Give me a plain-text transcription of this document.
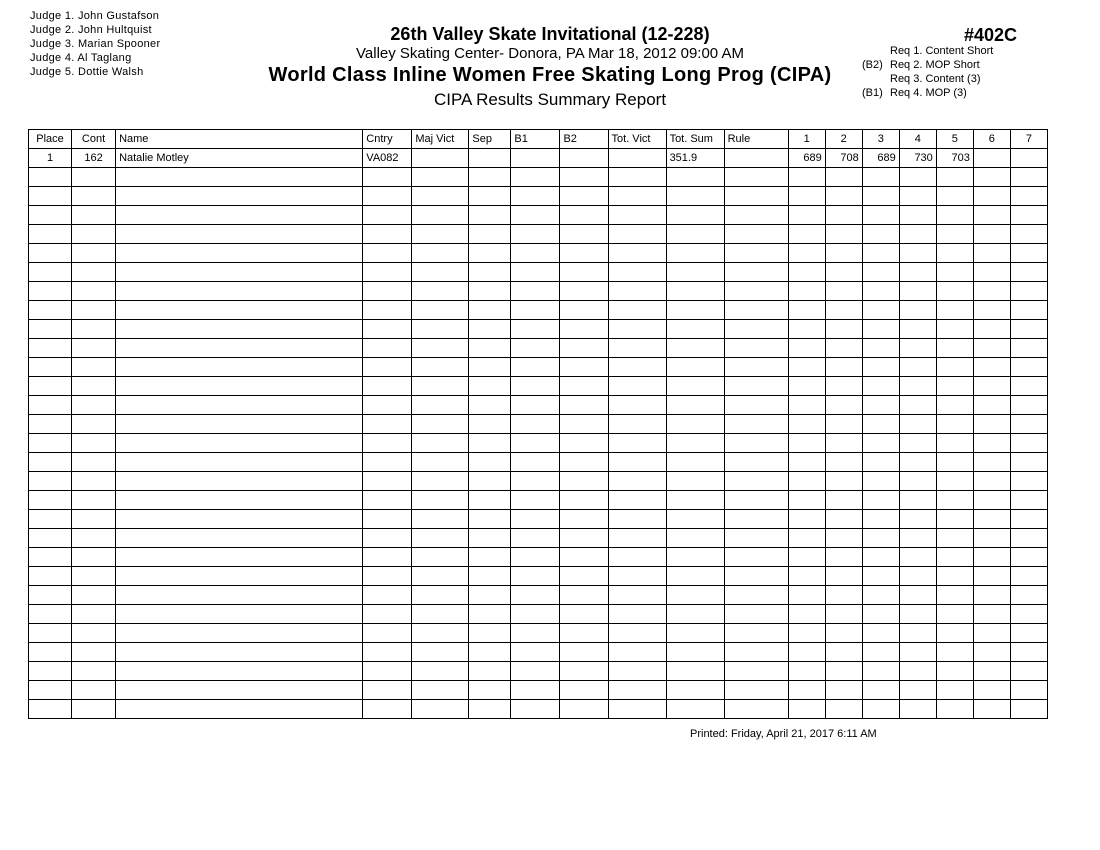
Judge 1. John Gustafson
Judge 2. John Hultquist
Judge 3. Marian Spooner
Judge 4. Al Taglang
Judge 5. Dottie Walsh
26th Valley Skate Invitational (12-228)
Valley Skating Center- Donora, PA Mar 18, 2012 09:00 AM
World Class Inline Women Free Skating Long Prog (CIPA)
CIPA Results Summary Report
#402C
Req 1. Content Short
(B2) Req 2. MOP Short
Req 3. Content (3)
(B1) Req 4. MOP (3)
Place	Cont	Name	Cntry	Maj Vict	Sep	B1	B2	Tot. Vict	Tot. Sum	Rule	1	2	3	4	5	6	7
1	162	Natalie Motley	VA082						351.9		689	708	689	730	703		

Printed: Friday, April 21, 2017 6:11 AM
